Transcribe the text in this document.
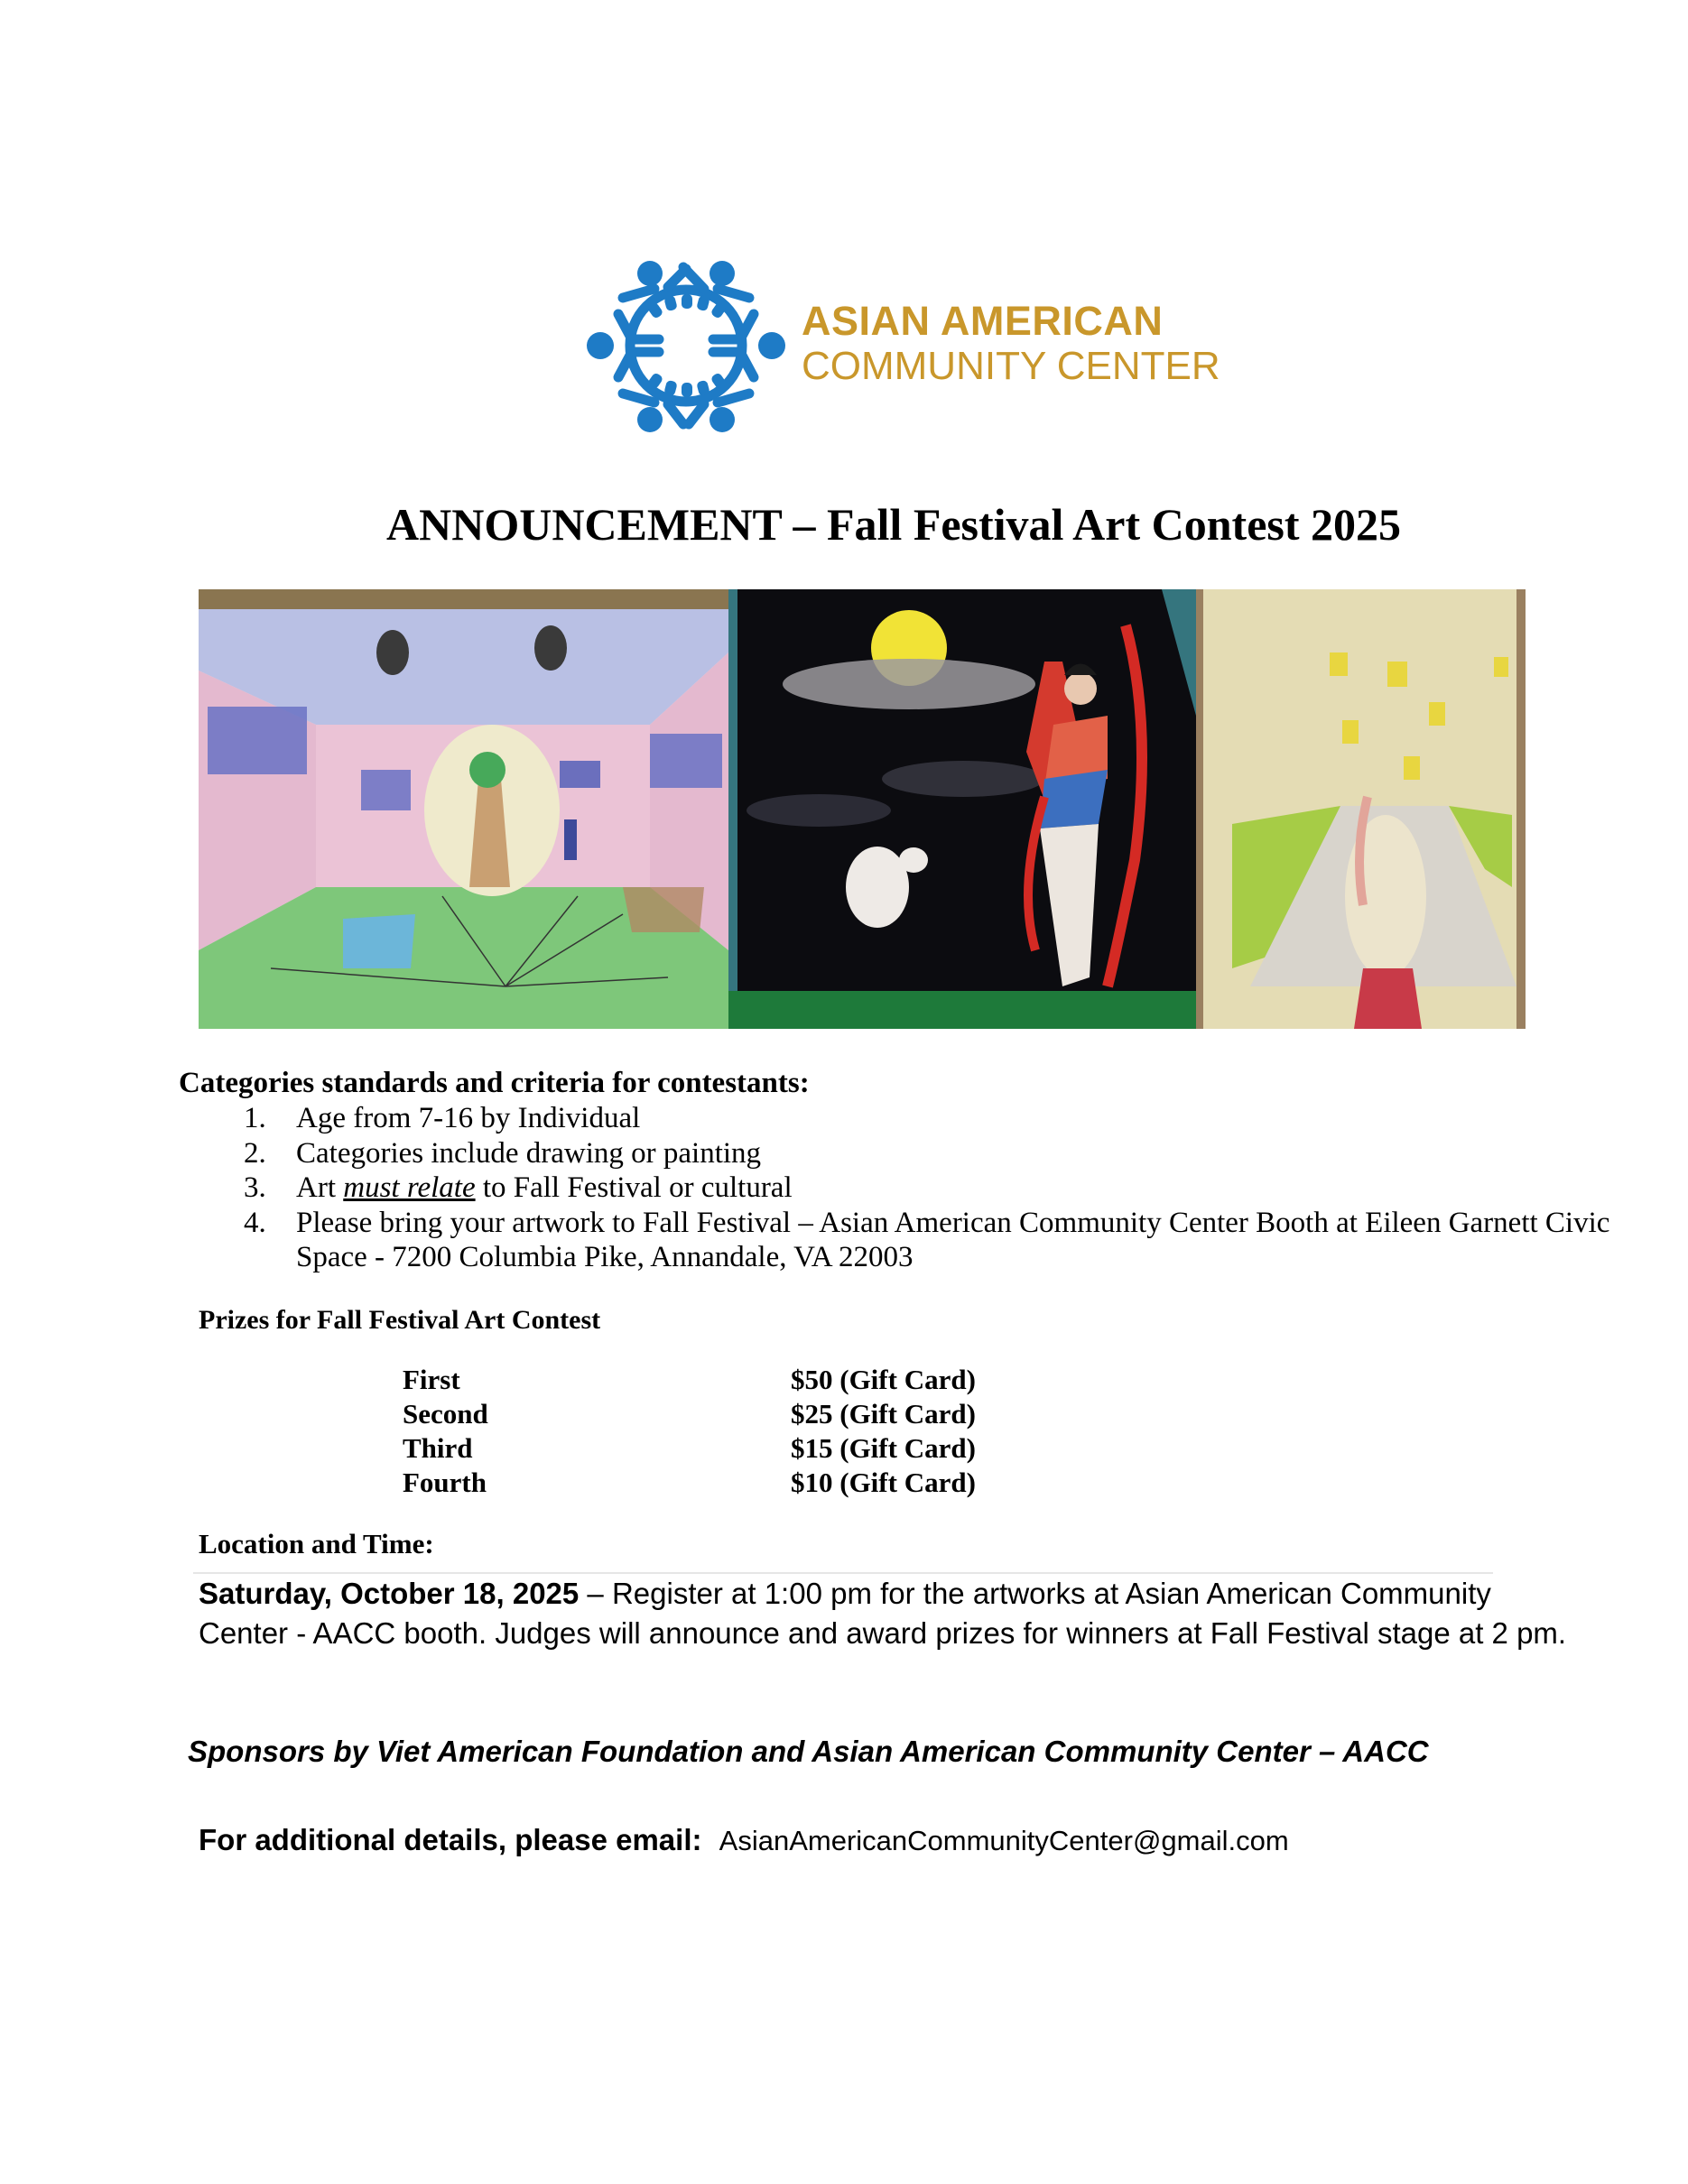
ASIAN AMERICAN
COMMUNITY CENTER
ANNOUNCEMENT – Fall Festival Art Contest 2025
Categories standards and criteria for contestants:
1. Age from 7-16 by Individual
2. Categories include drawing or painting
3. Art must relate to Fall Festival or cultural
4. Please bring your artwork to Fall Festival – Asian American Community Center Booth at Eileen Garnett Civic Space - 7200 Columbia Pike, Annandale, VA 22003
Prizes for Fall Festival Art Contest
First	$50 (Gift Card)
Second	$25 (Gift Card)
Third	$15 (Gift Card)
Fourth	$10 (Gift Card)
Location and Time:
Saturday, October 18, 2025 – Register at 1:00 pm for the artworks at Asian American Community Center - AACC booth. Judges will announce and award prizes for winners at Fall Festival stage at 2 pm.
Sponsors by Viet American Foundation and Asian American Community Center – AACC
For additional details, please email: AsianAmericanCommunityCenter@gmail.com
